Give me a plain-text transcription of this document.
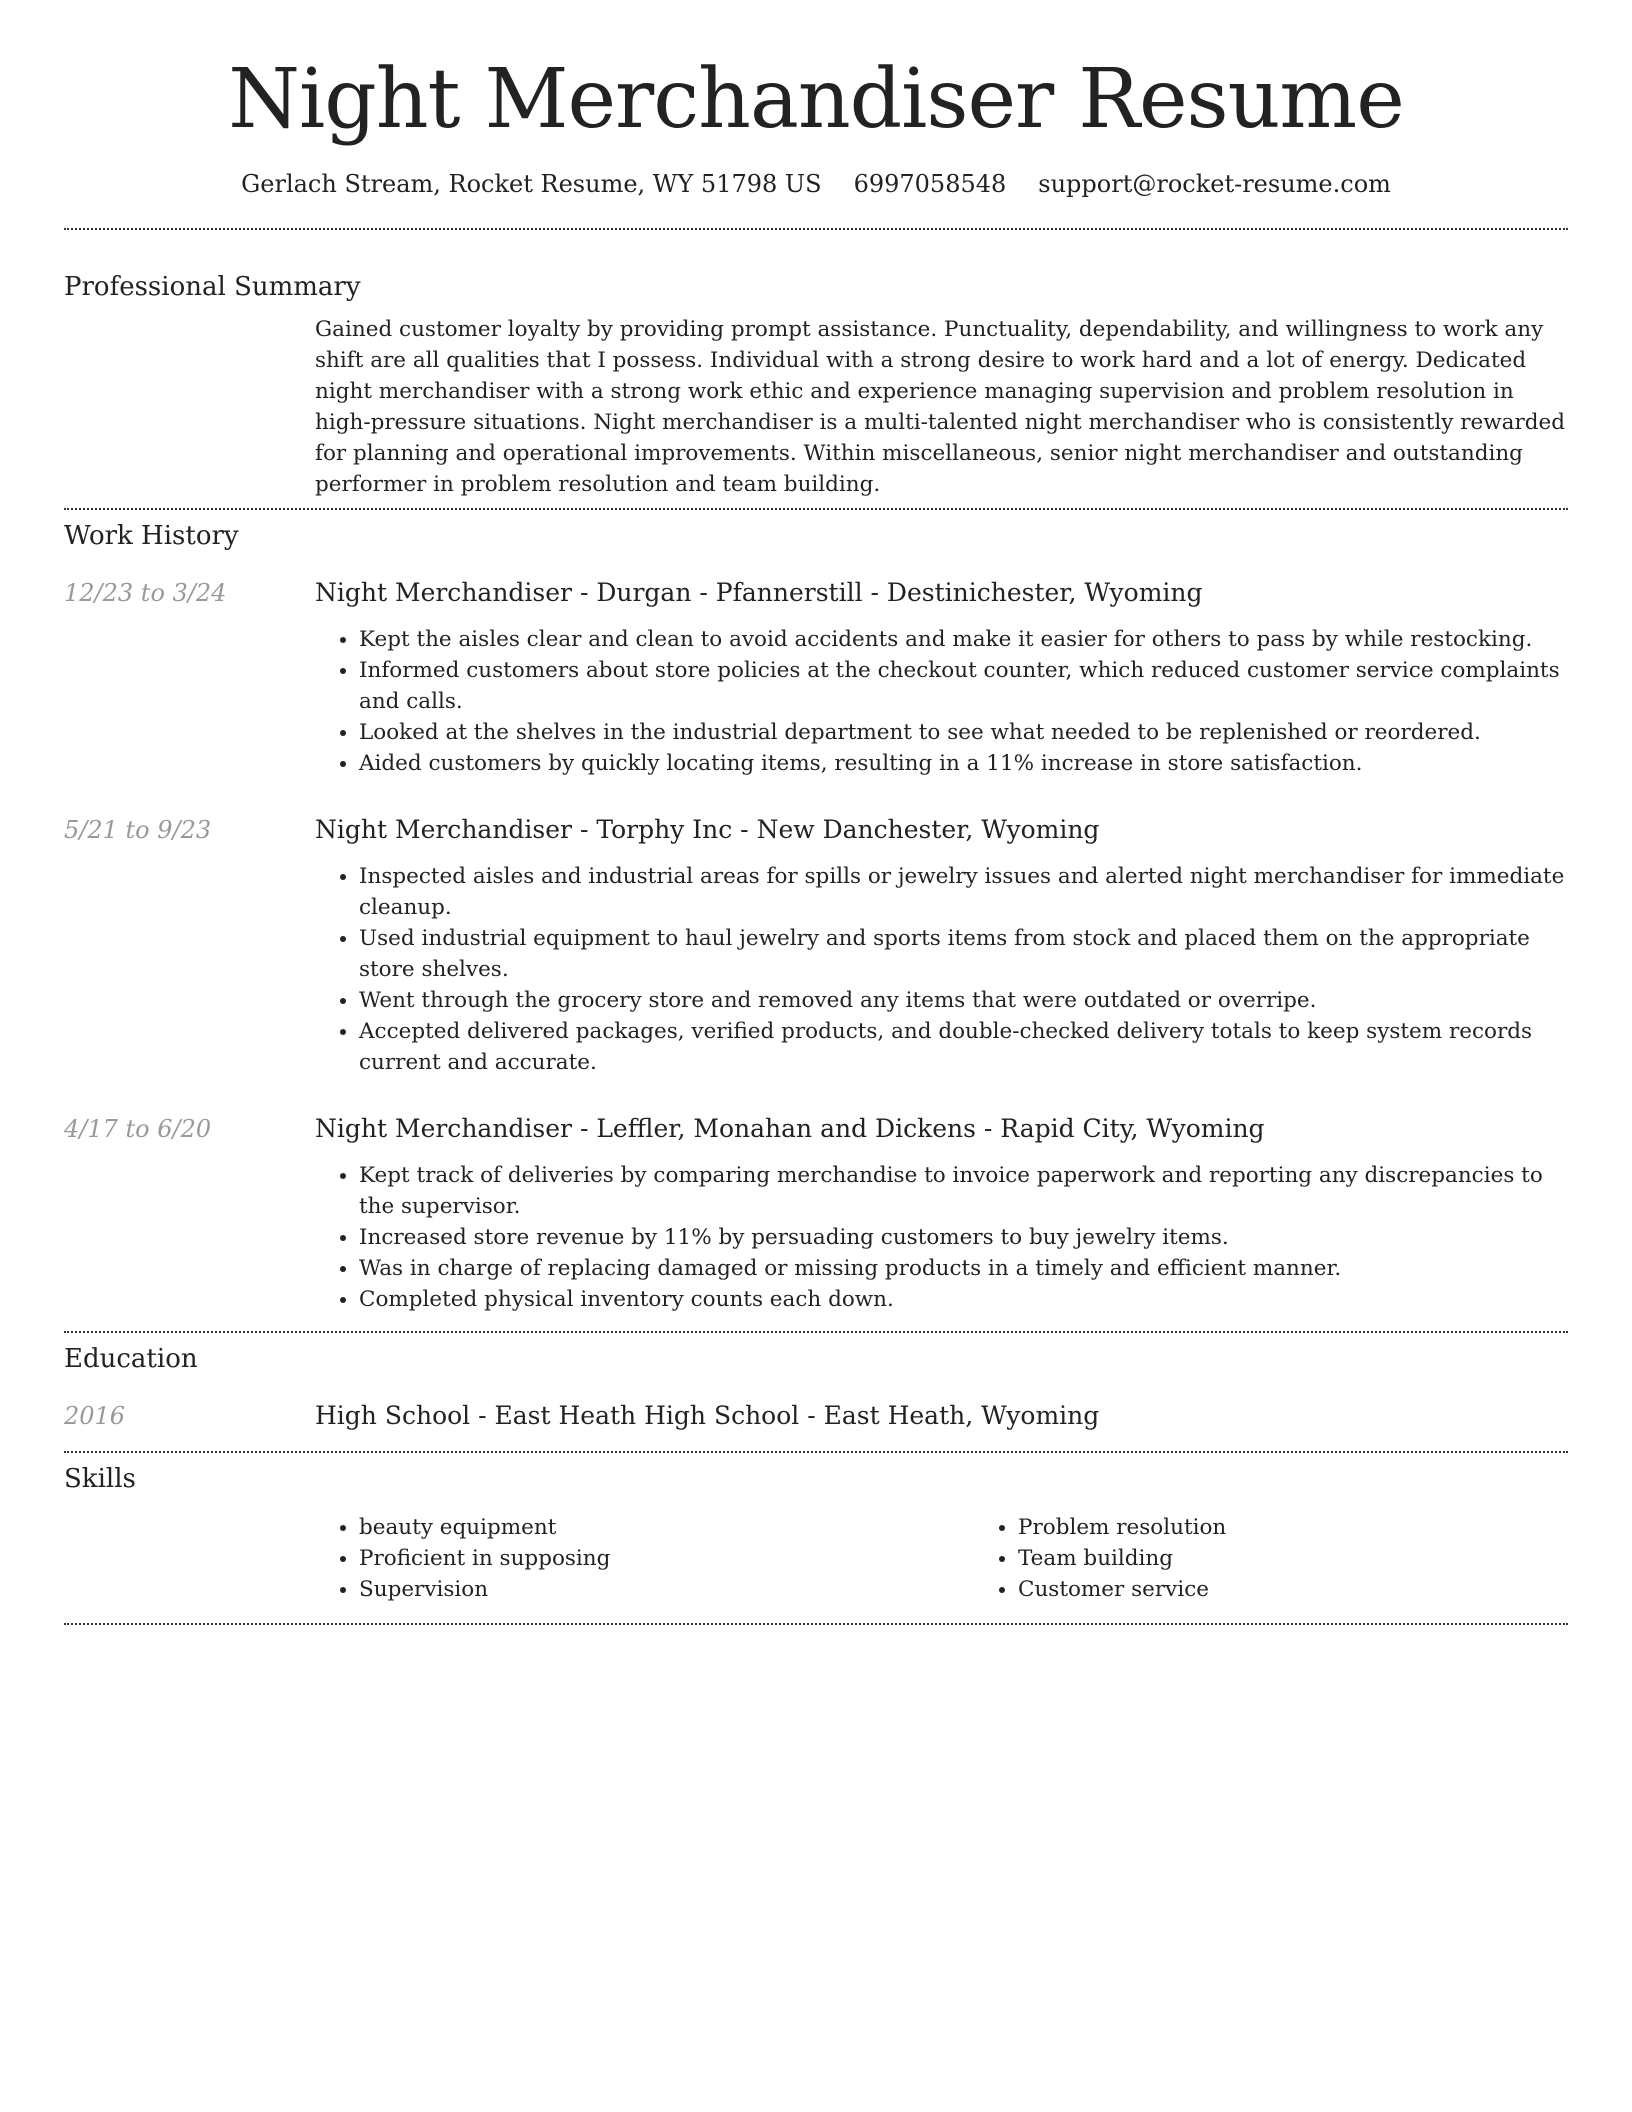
Night Merchandiser Resume
Gerlach Stream, Rocket Resume, WY 51798 US 6997058548 support@rocket-resume.com
Professional Summary
Gained customer loyalty by providing prompt assistance. Punctuality, dependability, and willingness to work any shift are all qualities that I possess. Individual with a strong desire to work hard and a lot of energy. Dedicated night merchandiser with a strong work ethic and experience managing supervision and problem resolution in high-pressure situations. Night merchandiser is a multi-talented night merchandiser who is consistently rewarded for planning and operational improvements. Within miscellaneous, senior night merchandiser and outstanding performer in problem resolution and team building.
Work History
12/23 to 3/24	Night Merchandiser - Durgan - Pfannerstill - Destinichester, Wyoming
• Kept the aisles clear and clean to avoid accidents and make it easier for others to pass by while restocking.
• Informed customers about store policies at the checkout counter, which reduced customer service complaints and calls.
• Looked at the shelves in the industrial department to see what needed to be replenished or reordered.
• Aided customers by quickly locating items, resulting in a 11% increase in store satisfaction.
5/21 to 9/23	Night Merchandiser - Torphy Inc - New Danchester, Wyoming
• Inspected aisles and industrial areas for spills or jewelry issues and alerted night merchandiser for immediate cleanup.
• Used industrial equipment to haul jewelry and sports items from stock and placed them on the appropriate store shelves.
• Went through the grocery store and removed any items that were outdated or overripe.
• Accepted delivered packages, verified products, and double-checked delivery totals to keep system records current and accurate.
4/17 to 6/20	Night Merchandiser - Leffler, Monahan and Dickens - Rapid City, Wyoming
• Kept track of deliveries by comparing merchandise to invoice paperwork and reporting any discrepancies to the supervisor.
• Increased store revenue by 11% by persuading customers to buy jewelry items.
• Was in charge of replacing damaged or missing products in a timely and efficient manner.
• Completed physical inventory counts each down.
Education
2016	High School - East Heath High School - East Heath, Wyoming
Skills
• beauty equipment
• Proficient in supposing
• Supervision
• Problem resolution
• Team building
• Customer service
